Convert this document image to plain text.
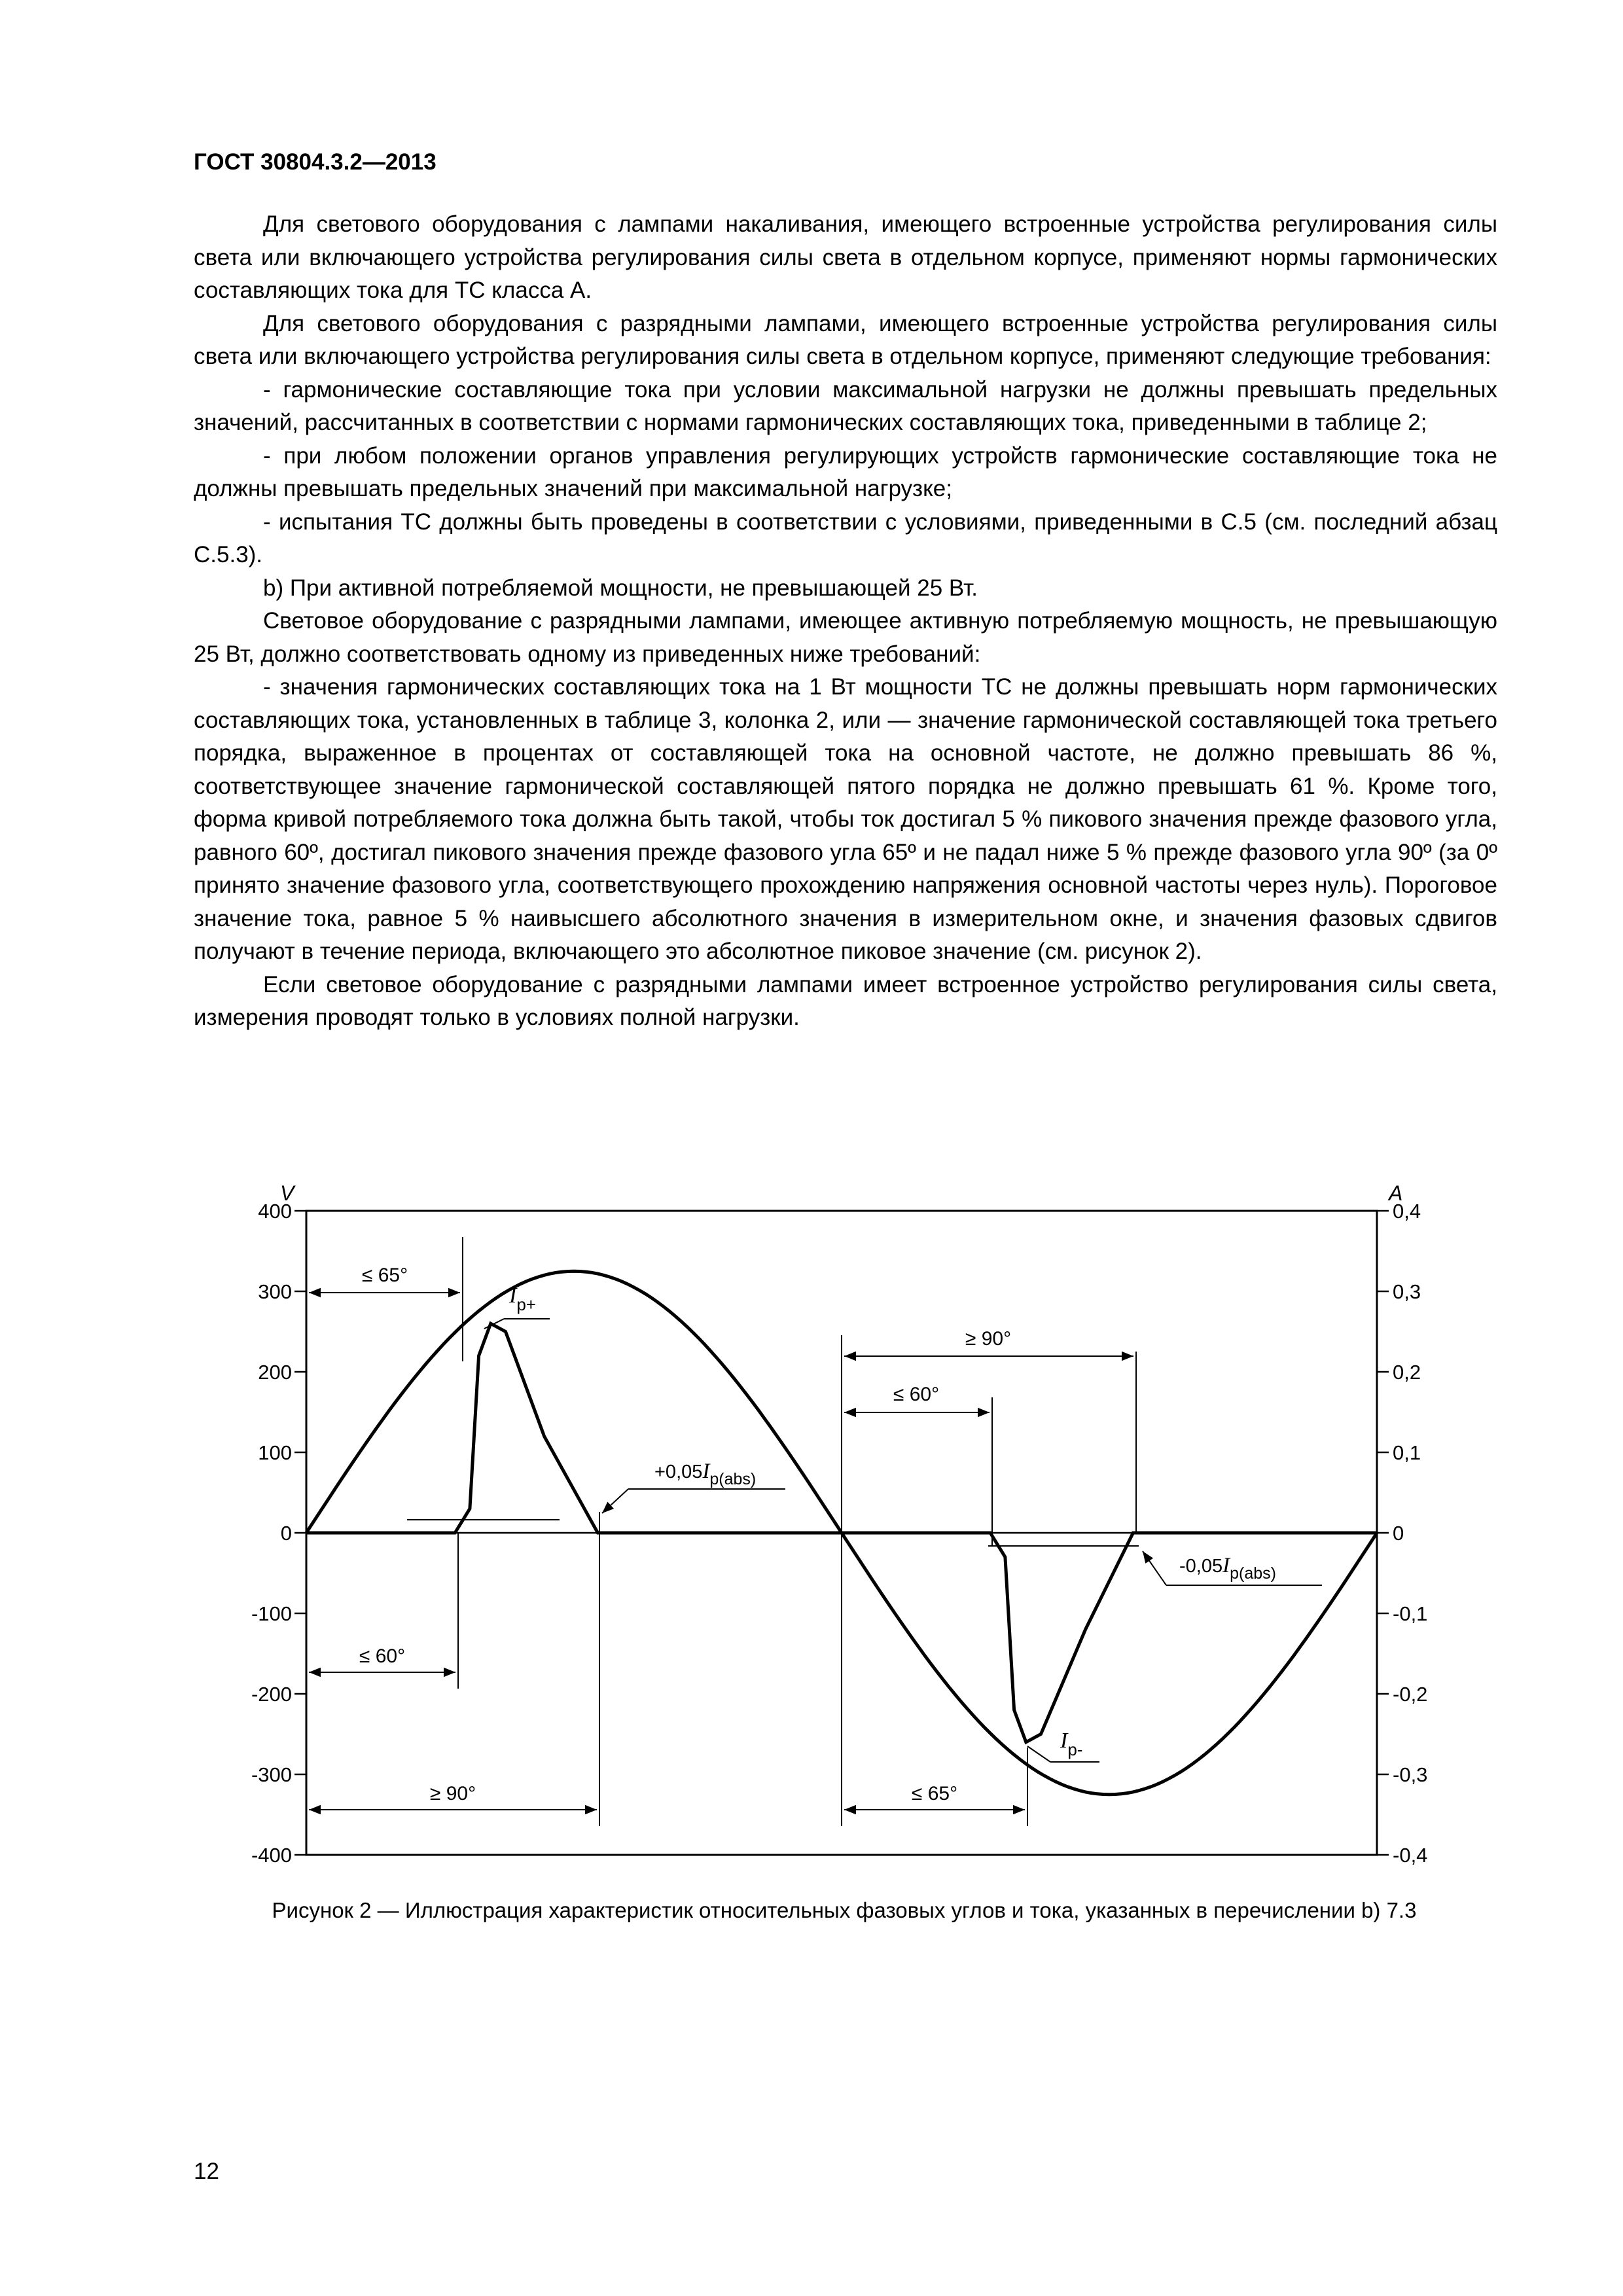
ГОСТ 30804.3.2—2013

Для светового оборудования с лампами накаливания, имеющего встроенные устройства регулирования силы света или включающего устройства регулирования силы света в отдельном корпусе, применяют нормы гармонических составляющих тока для ТС класса А.

Для светового оборудования с разрядными лампами, имеющего встроенные устройства регулирования силы света или включающего устройства регулирования силы света в отдельном корпусе, применяют следующие требования:

- гармонические составляющие тока при условии максимальной нагрузки не должны превышать предельных значений, рассчитанных в соответствии с нормами гармонических составляющих тока, приведенными в таблице 2;

- при любом положении органов управления регулирующих устройств гармонические составляющие тока не должны превышать предельных значений при максимальной нагрузке;

- испытания ТС должны быть проведены в соответствии с условиями, приведенными в С.5 (см. последний абзац С.5.3).

b) При активной потребляемой мощности, не превышающей 25 Вт.

Световое оборудование с разрядными лампами, имеющее активную потребляемую мощность, не превышающую 25 Вт, должно соответствовать одному из приведенных ниже требований:

- значения гармонических составляющих тока на 1 Вт мощности ТС не должны превышать норм гармонических составляющих тока, установленных в таблице 3, колонка 2, или — значение гармонической составляющей тока третьего порядка, выраженное в процентах от составляющей тока на основной частоте, не должно превышать 86 %, соответствующее значение гармонической составляющей пятого порядка не должно превышать 61 %. Кроме того, форма кривой потребляемого тока должна быть такой, чтобы ток достигал 5 % пикового значения прежде фазового угла, равного 60º, достигал пикового значения прежде фазового угла 65º и не падал ниже 5 % прежде фазового угла 90º (за 0º принято значение фазового угла, соответствующего прохождению напряжения основной частоты через нуль). Пороговое значение тока, равное 5 % наивысшего абсолютного значения в измерительном окне, и значения фазовых сдвигов получают в течение периода, включающего это абсолютное пиковое значение (см. рисунок 2).

Если световое оборудование с разрядными лампами имеет встроенное устройство регулирования силы света, измерения проводят только в условиях полной нагрузки.

400	0,4
300	0,3
200	0,2
100	0,1
0	0
-100	-0,1
-200	-0,2
-300	-0,3
-400	-0,4
V	A
≤ 65°
≤ 60°
≥ 90°
≥ 90°
≤ 60°
≤ 65°
$I_{p+}$
$I_{p-}$
+0,05Ip(abs)
-0,05Ip(abs)
Рисунок 2 — Иллюстрация характеристик относительных фазовых углов и тока, указанных в перечислении b) 7.3
12
